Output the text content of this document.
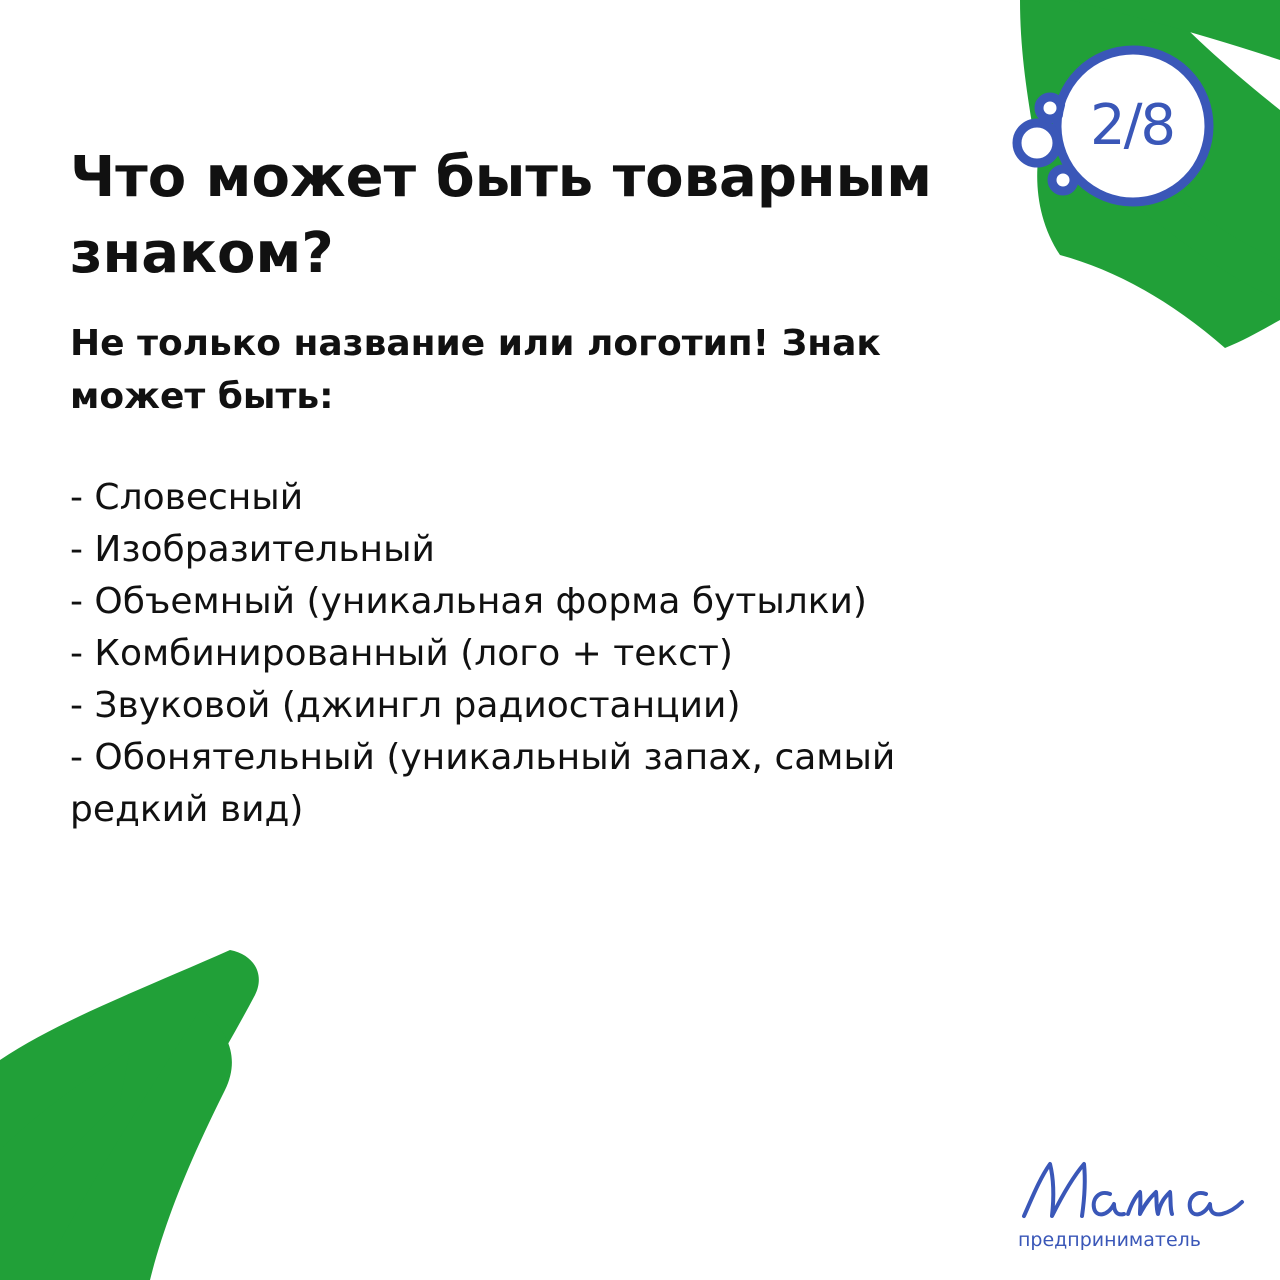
2/8
Что может быть товарным
знаком?

Не только название или логотип! Знак
может быть:

- Словесный
- Изобразительный
- Объемный (уникальная форма бутылки)
- Комбинированный (лого + текст)
- Звуковой (джингл радиостанции)
- Обонятельный (уникальный запах, самый
редкий вид)
предприниматель
